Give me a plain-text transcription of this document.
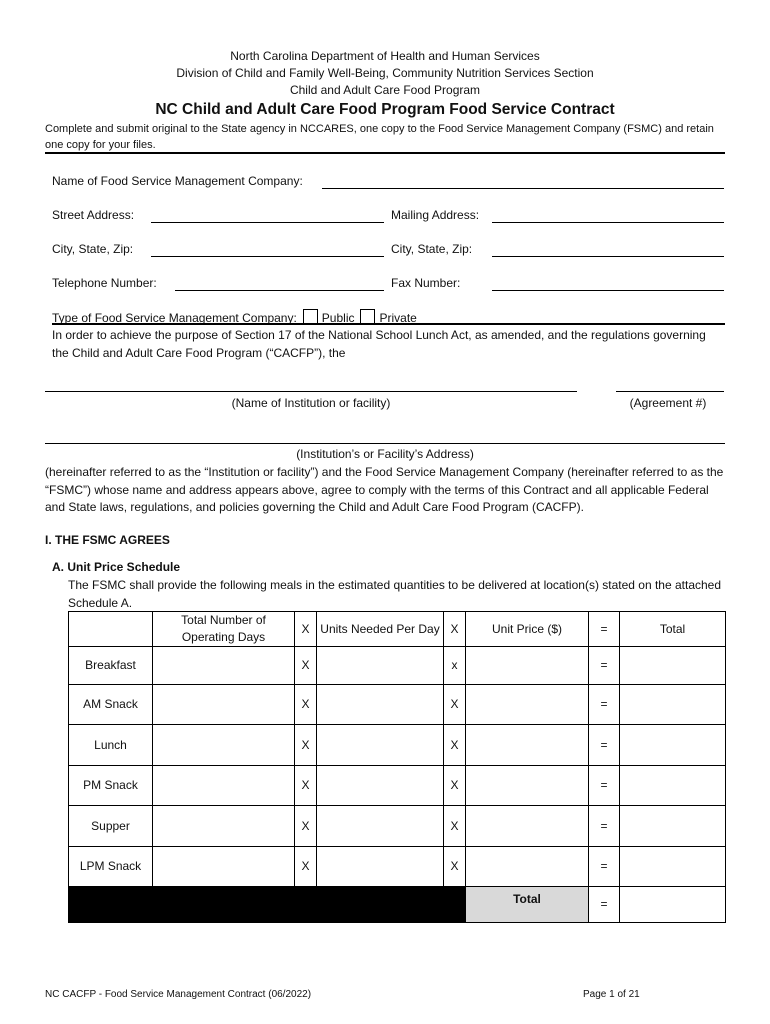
North Carolina Department of Health and Human Services
Division of Child and Family Well-Being, Community Nutrition Services Section
Child and Adult Care Food Program
NC Child and Adult Care Food Program Food Service Contract
Complete and submit original to the State agency in NCCARES, one copy to the Food Service Management Company (FSMC) and retain one copy for your files.
Name of Food Service Management Company:
Street Address:	Mailing Address:
City, State, Zip:	City, State, Zip:
Telephone Number:	Fax Number:
Type of Food Service Management Company: Public Private
In order to achieve the purpose of Section 17 of the National School Lunch Act, as amended, and the regulations governing the Child and Adult Care Food Program (“CACFP”), the
(Name of Institution or facility)	(Agreement #)
(Institution’s or Facility’s Address)
(hereinafter referred to as the “Institution or facility”) and the Food Service Management Company (hereinafter referred to as the “FSMC”) whose name and address appears above, agree to comply with the terms of this Contract and all applicable Federal and State laws, regulations, and policies governing the Child and Adult Care Food Program (CACFP).
I. THE FSMC AGREES
A. Unit Price Schedule
The FSMC shall provide the following meals in the estimated quantities to be delivered at location(s) stated on the attached Schedule A.
	Total Number of Operating Days	X	Units Needed Per Day	X	Unit Price ($)	=	Total
Breakfast		X		x		=	
AM Snack		X		X		=	
Lunch		X		X		=	
PM Snack		X		X		=	
Supper		X		X		=	
LPM Snack		X		X		=	
					Total	=	
NC CACFP - Food Service Management Contract (06/2022)	Page 1 of 21
